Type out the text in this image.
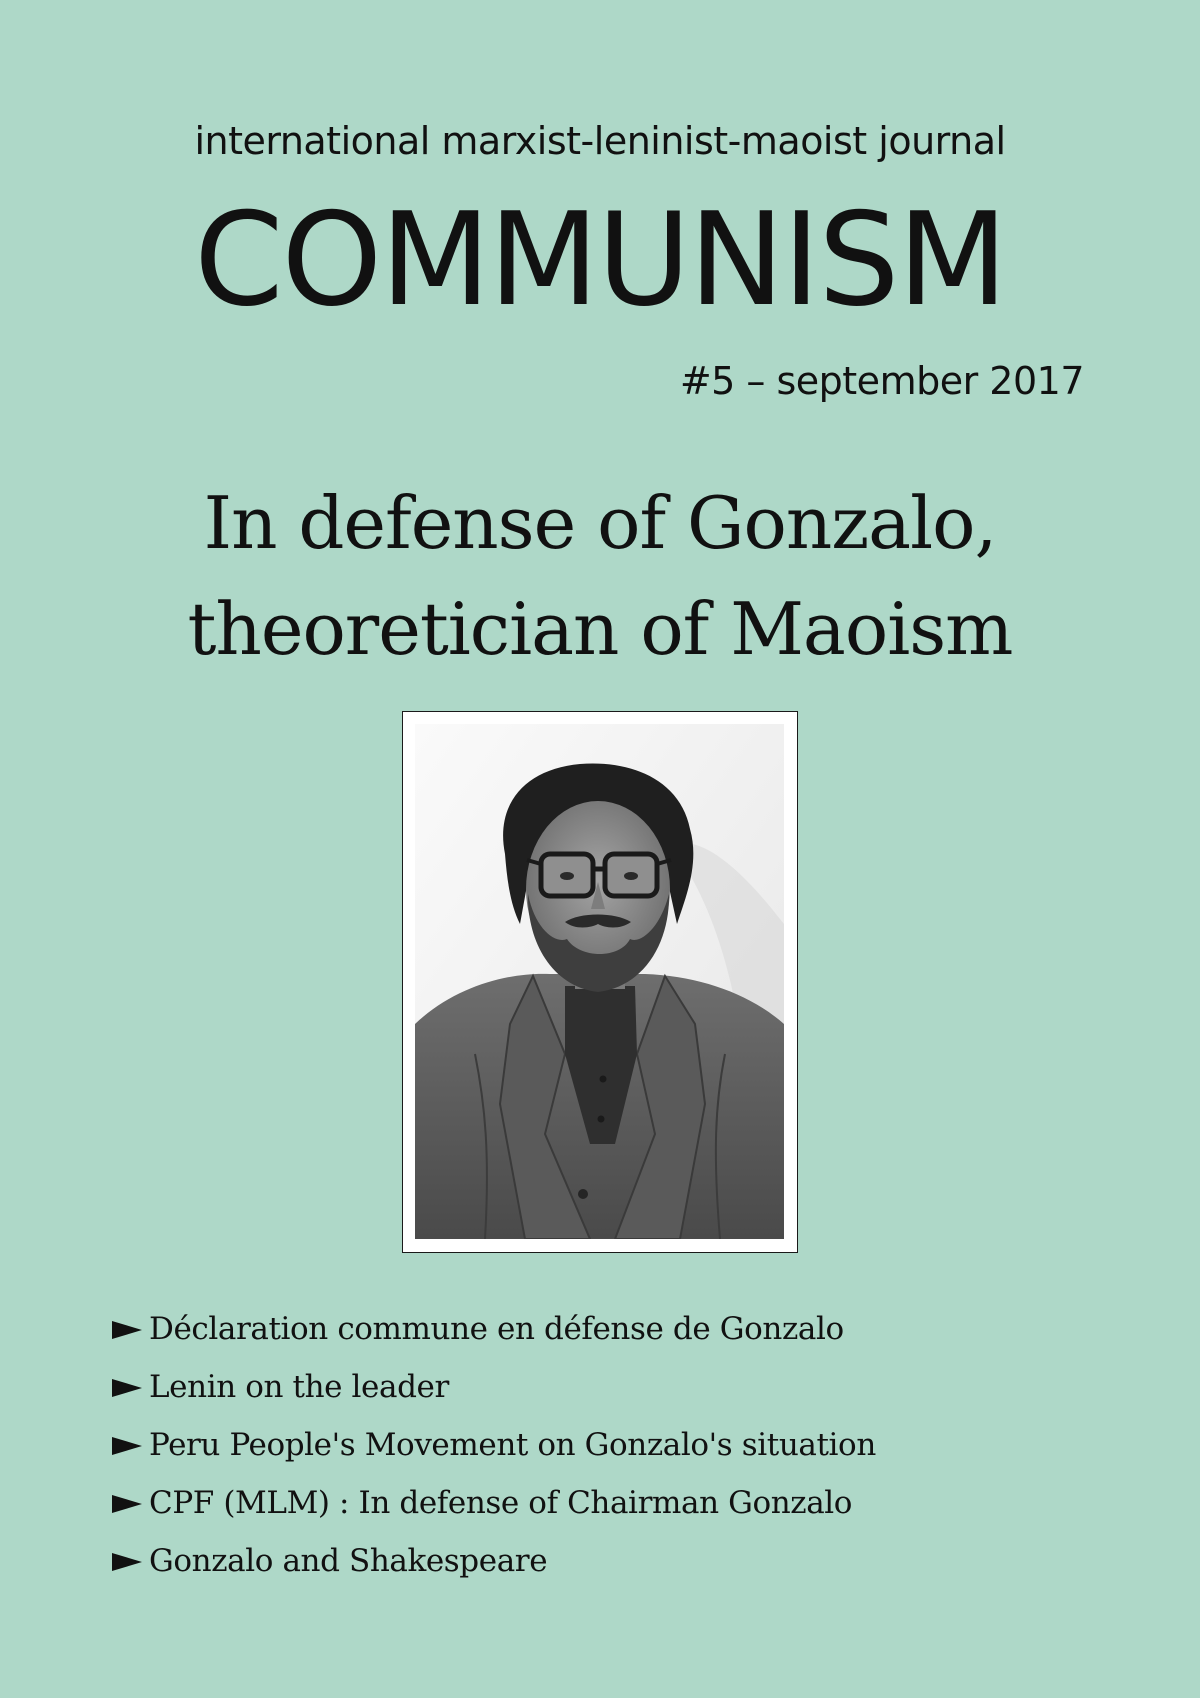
international marxist-leninist-maoist journal
COMMUNISM
#5 – september 2017
In defense of Gonzalo,
theoretician of Maoism
Déclaration commune en défense de Gonzalo
Lenin on the leader
Peru People's Movement on Gonzalo's situation
CPF (MLM) : In defense of Chairman Gonzalo
Gonzalo and Shakespeare
